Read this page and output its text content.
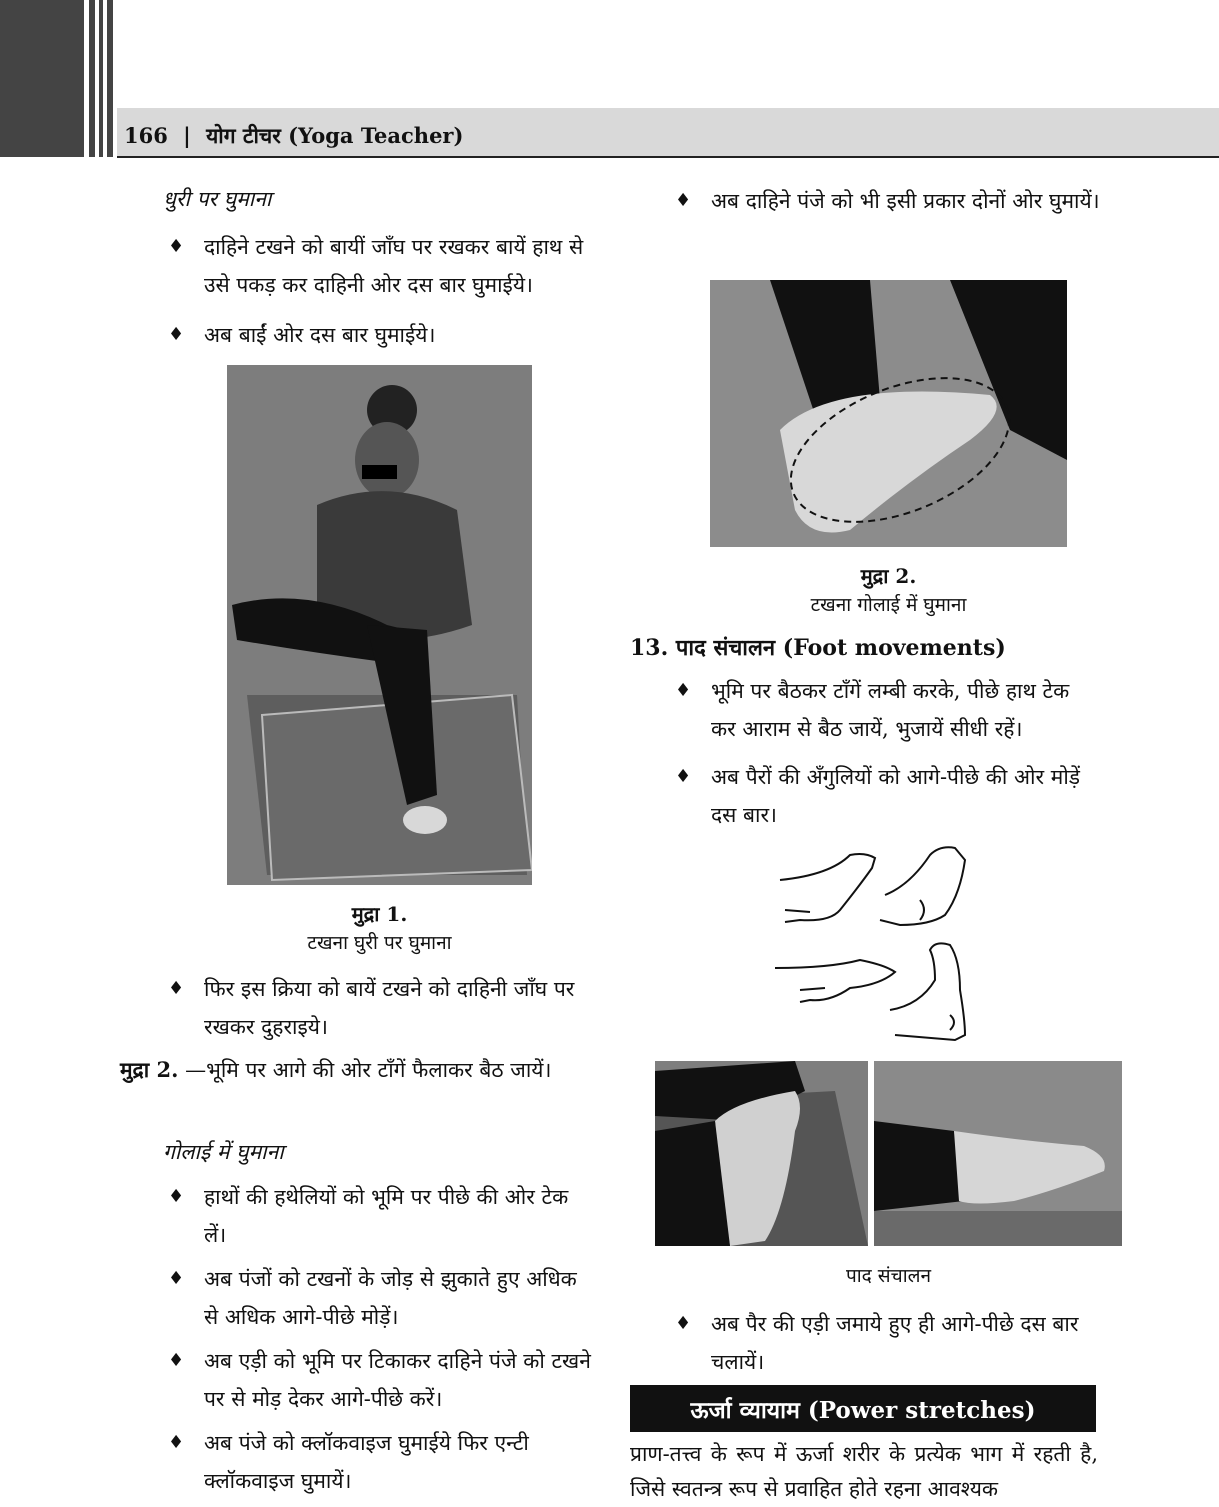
166 | योग टीचर (Yoga Teacher)

धुरी पर घुमाना

♦ दाहिने टखने को बायीं जाँघ पर रखकर बायें हाथ से उसे पकड़ कर दाहिनी ओर दस बार घुमाईये।
♦ अब बाईं ओर दस बार घुमाईये।
मुद्रा 1.
टखना घुरी पर घुमाना
♦ फिर इस क्रिया को बायें टखने को दाहिनी जाँघ पर रखकर दुहराइये।
मुद्रा 2. —भूमि पर आगे की ओर टाँगें फैलाकर बैठ जायें।

गोलाई में घुमाना

♦ हाथों की हथेलियों को भूमि पर पीछे की ओर टेक लें।
♦ अब पंजों को टखनों के जोड़ से झुकाते हुए अधिक से अधिक आगे-पीछे मोड़ें।
♦ अब एड़ी को भूमि पर टिकाकर दाहिने पंजे को टखने पर से मोड़ देकर आगे-पीछे करें।
♦ अब पंजे को क्लॉकवाइज घुमाईये फिर एन्टी क्लॉकवाइज घुमायें।
♦ अब दाहिने पंजे को भी इसी प्रकार दोनों ओर घुमायें।
मुद्रा 2.
टखना गोलाई में घुमाना
13. पाद संचालन (Foot movements)
♦ भूमि पर बैठकर टाँगें लम्बी करके, पीछे हाथ टेक कर आराम से बैठ जायें, भुजायें सीधी रहें।
♦ अब पैरों की अँगुलियों को आगे-पीछे की ओर मोड़ें दस बार।
पाद संचालन
♦ अब पैर की एड़ी जमाये हुए ही आगे-पीछे दस बार चलायें।
ऊर्जा व्यायाम (Power stretches)
प्राण-तत्त्व के रूप में ऊर्जा शरीर के प्रत्येक भाग में रहती है, जिसे स्वतन्त्र रूप से प्रवाहित होते रहना आवश्यक
